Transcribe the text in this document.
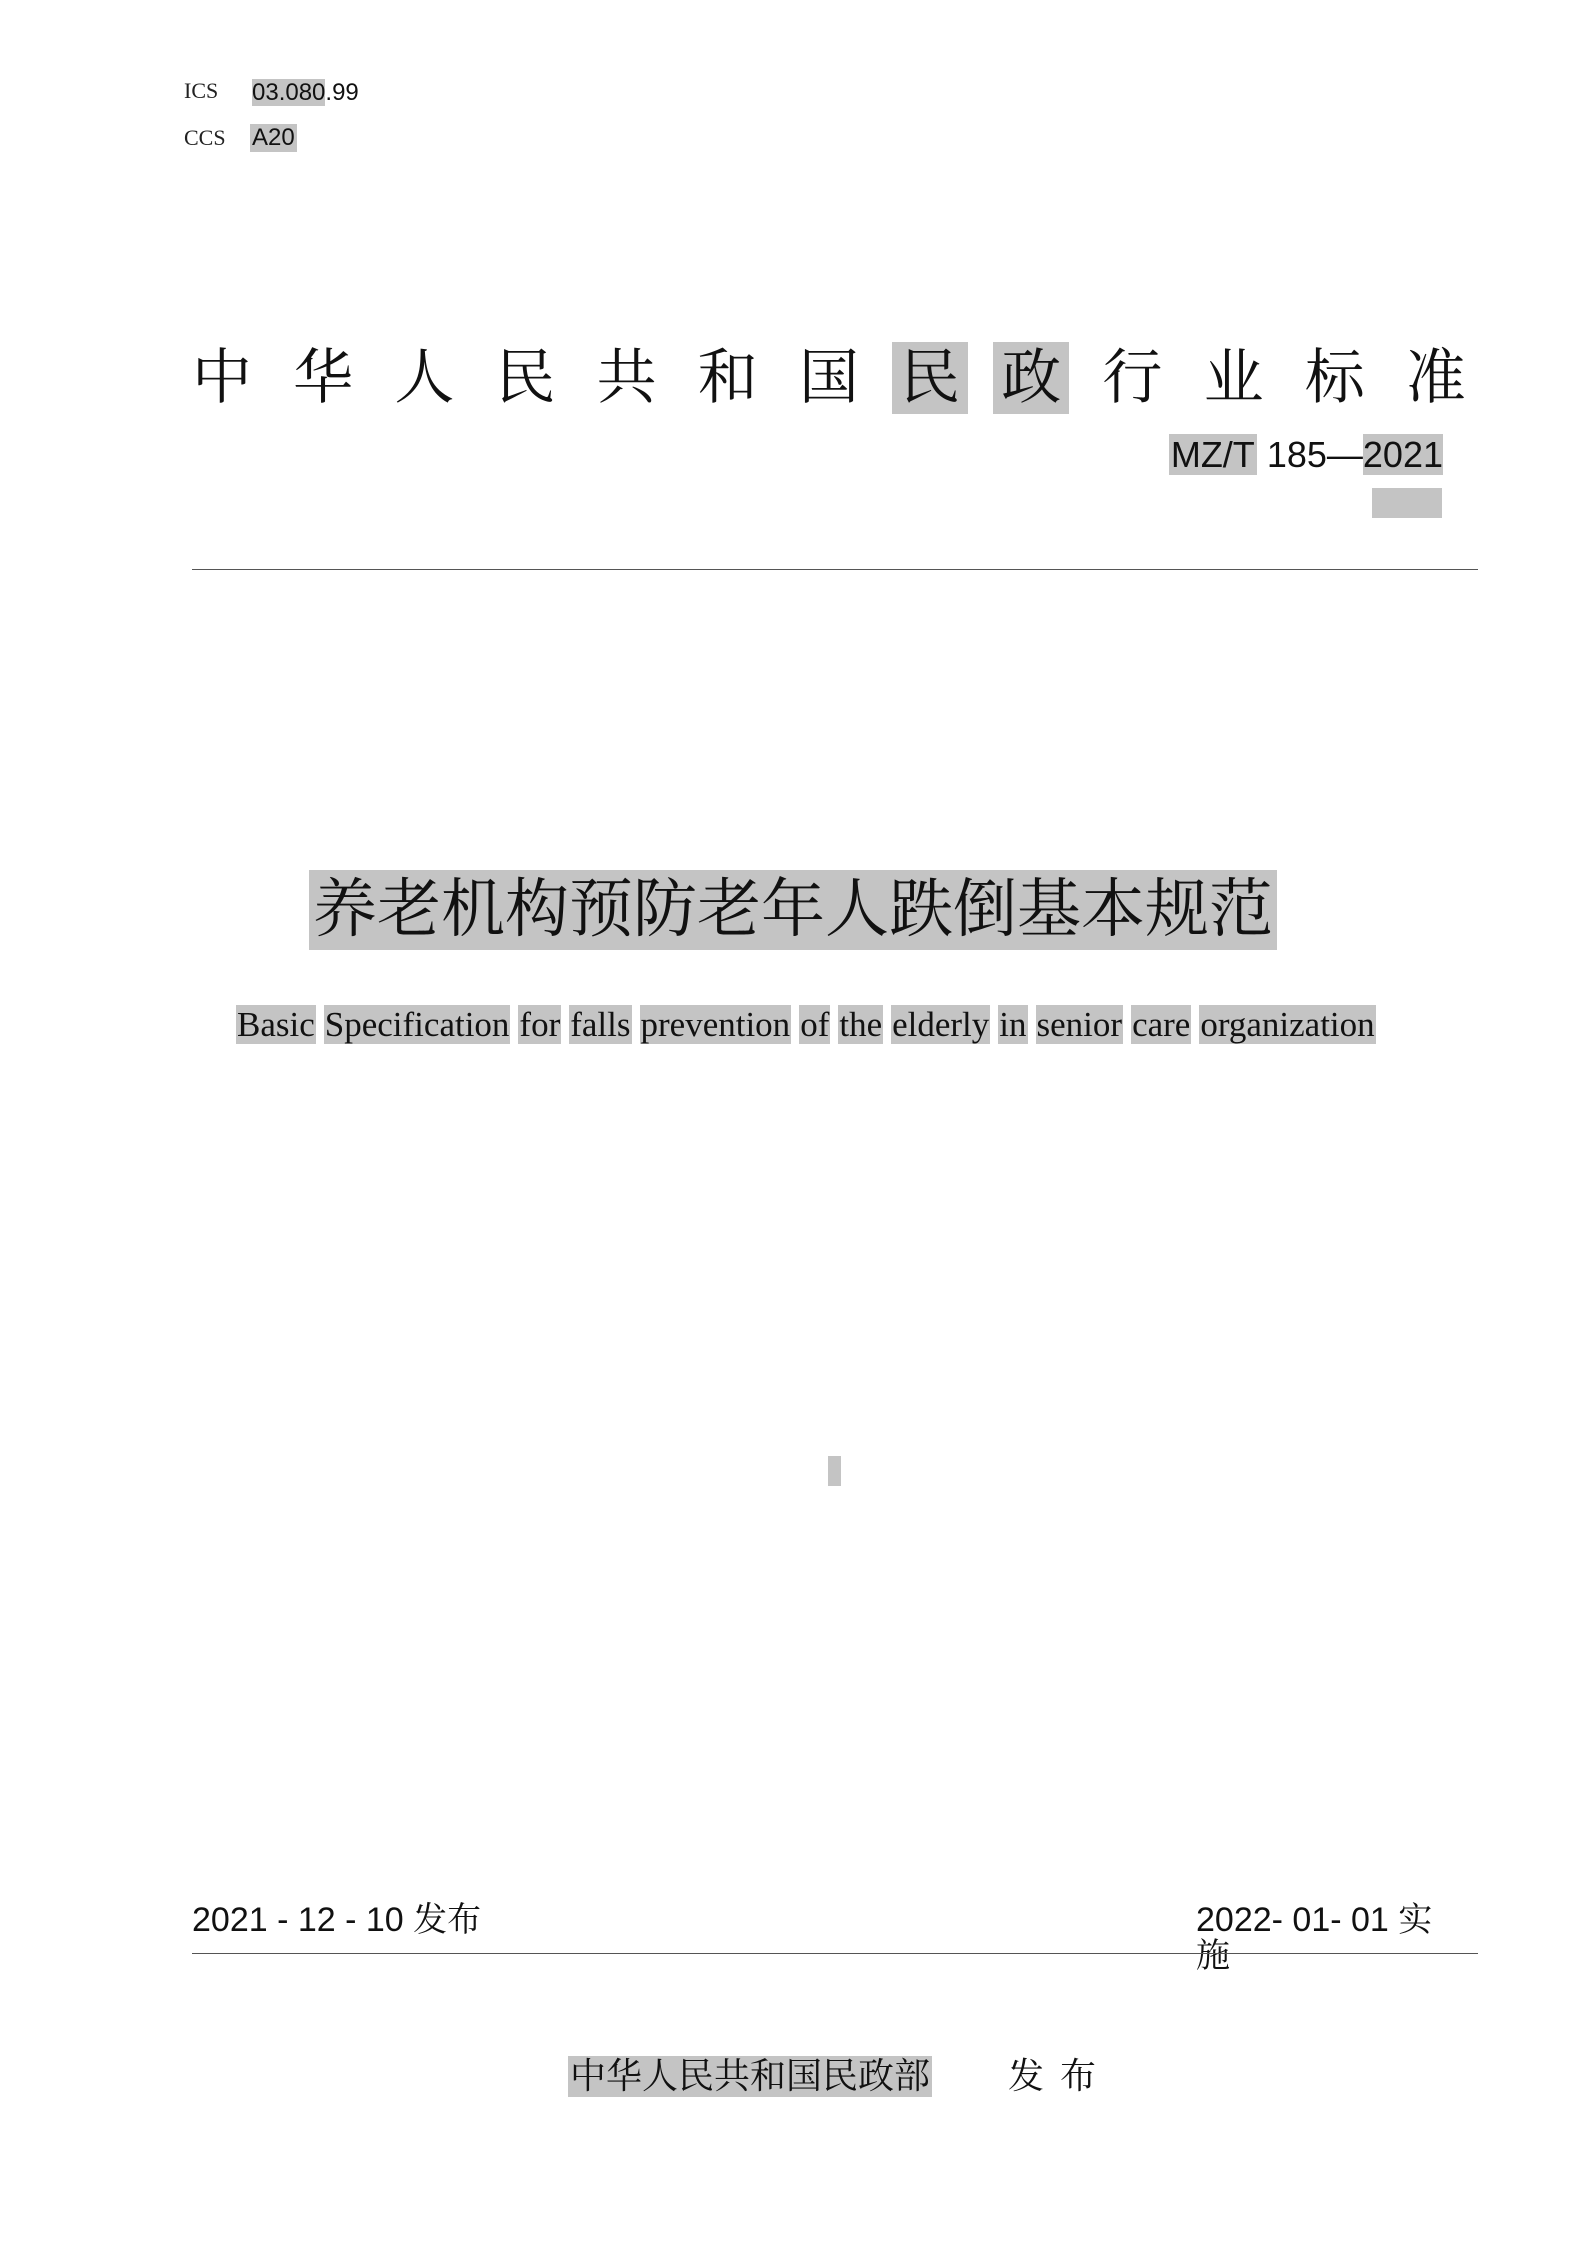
ICS 03.080.99
CCS A20
中 华 人 民 共 和 国 民 政 行 业 标 准
MZ/T 185—2021
养老机构预防老年人跌倒基本规范
Basic Specification for falls prevention of the elderly in senior care organization
2021 - 12 - 10 发布	2022- 01- 01 实
施
中华人民共和国民政部 发布
